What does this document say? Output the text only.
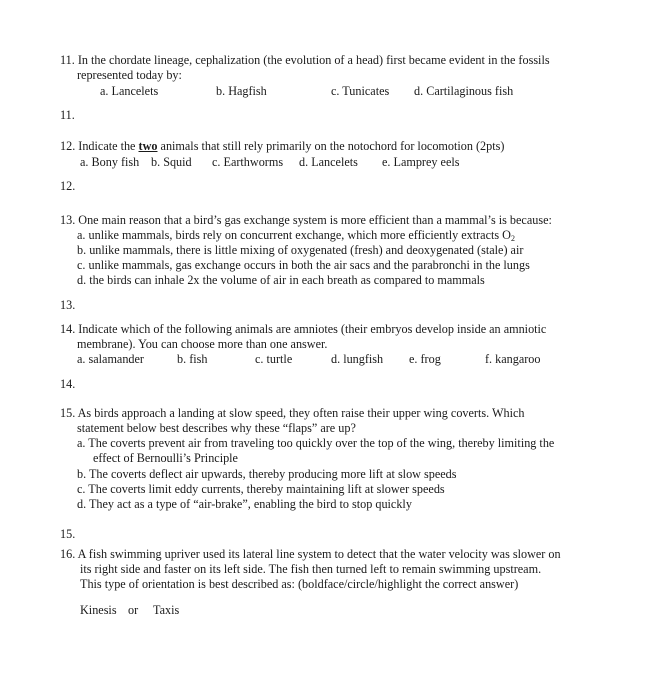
11. In the chordate lineage, cephalization (the evolution of a head) first became evident in the fossils
represented today by:
a. Lancelets	b. Hagfish	c. Tunicates d. Cartilaginous fish
11.
12. Indicate the two animals that still rely primarily on the notochord for locomotion (2pts)
a. Bony fish b. Squid c. Earthworms d. Lancelets e. Lamprey eels
12.
13. One main reason that a bird’s gas exchange system is more efficient than a mammal’s is because:
a. unlike mammals, birds rely on concurrent exchange, which more efficiently extracts $O_2$
b. unlike mammals, there is little mixing of oxygenated (fresh) and deoxygenated (stale) air
c. unlike mammals, gas exchange occurs in both the air sacs and the parabronchi in the lungs
d. the birds can inhale 2x the volume of air in each breath as compared to mammals
13.
14. Indicate which of the following animals are amniotes (their embryos develop inside an amniotic
membrane). You can choose more than one answer.
a. salamander	b. fish	c. turtle	d. lungfish e. frog	f. kangaroo
14.
15. As birds approach a landing at slow speed, they often raise their upper wing coverts. Which
statement below best describes why these “flaps” are up?
a. The coverts prevent air from traveling too quickly over the top of the wing, thereby limiting the
effect of Bernoulli’s Principle
b. The coverts deflect air upwards, thereby producing more lift at slow speeds
c. The coverts limit eddy currents, thereby maintaining lift at slower speeds
d. They act as a type of “air-brake”, enabling the bird to stop quickly
15.
16. A fish swimming upriver used its lateral line system to detect that the water velocity was slower on
its right side and faster on its left side. The fish then turned left to remain swimming upstream.
This type of orientation is best described as: (boldface/circle/highlight the correct answer)
Kinesis or Taxis
